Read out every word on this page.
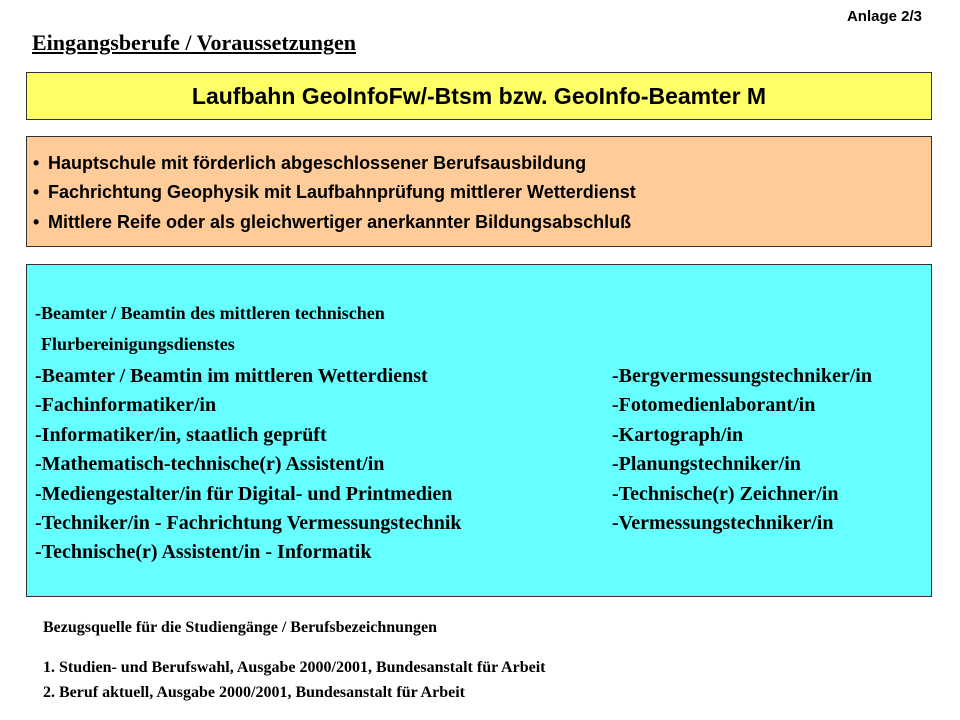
Anlage 2/3
Eingangsberufe / Voraussetzungen
Laufbahn GeoInfoFw/-Btsm bzw. GeoInfo-Beamter M
• Hauptschule mit förderlich abgeschlossener Berufsausbildung
• Fachrichtung Geophysik mit Laufbahnprüfung mittlerer Wetterdienst
• Mittlere Reife oder als gleichwertiger anerkannter Bildungsabschluß
-Beamter / Beamtin des mittleren technischen
Flurbereinigungsdienstes
-Beamter / Beamtin im mittleren Wetterdienst
-Fachinformatiker/in
-Informatiker/in, staatlich geprüft
-Mathematisch-technische(r) Assistent/in
-Mediengestalter/in für Digital- und Printmedien
-Techniker/in - Fachrichtung Vermessungstechnik
-Technische(r) Assistent/in - Informatik
-Bergvermessungstechniker/in
-Fotomedienlaborant/in
-Kartograph/in
-Planungstechniker/in
-Technische(r) Zeichner/in
-Vermessungstechniker/in
Bezugsquelle für die Studiengänge / Berufsbezeichnungen
1. Studien- und Berufswahl, Ausgabe 2000/2001, Bundesanstalt für Arbeit
2. Beruf aktuell, Ausgabe 2000/2001, Bundesanstalt für Arbeit
